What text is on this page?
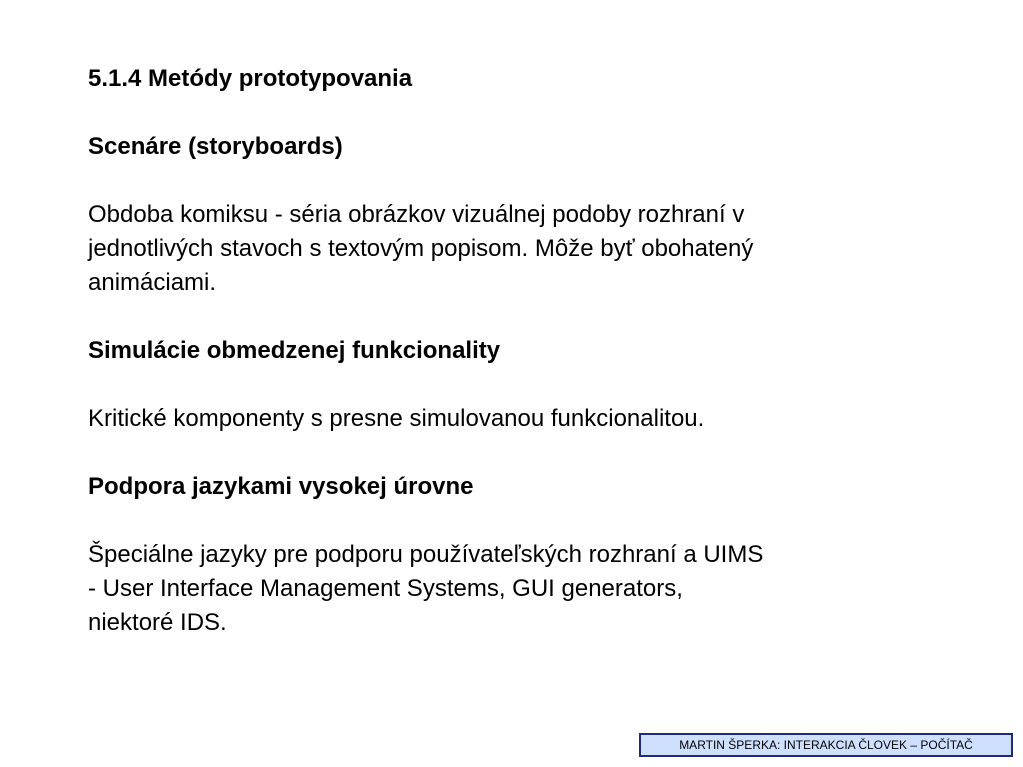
5.1.4 Metódy prototypovania

Scenáre (storyboards)

Obdoba komiksu - séria obrázkov vizuálnej podoby rozhraní v

jednotlivých stavoch s textovým popisom. Môže byť obohatený

animáciami.

Simulácie obmedzenej funkcionality

Kritické komponenty s presne simulovanou funkcionalitou.

Podpora jazykami vysokej úrovne

Špeciálne jazyky pre podporu používateľských rozhraní a UIMS

- User Interface Management Systems, GUI generators,

niektoré IDS.

MARTIN ŠPERKA: INTERAKCIA ČLOVEK – POČÍTAČ
